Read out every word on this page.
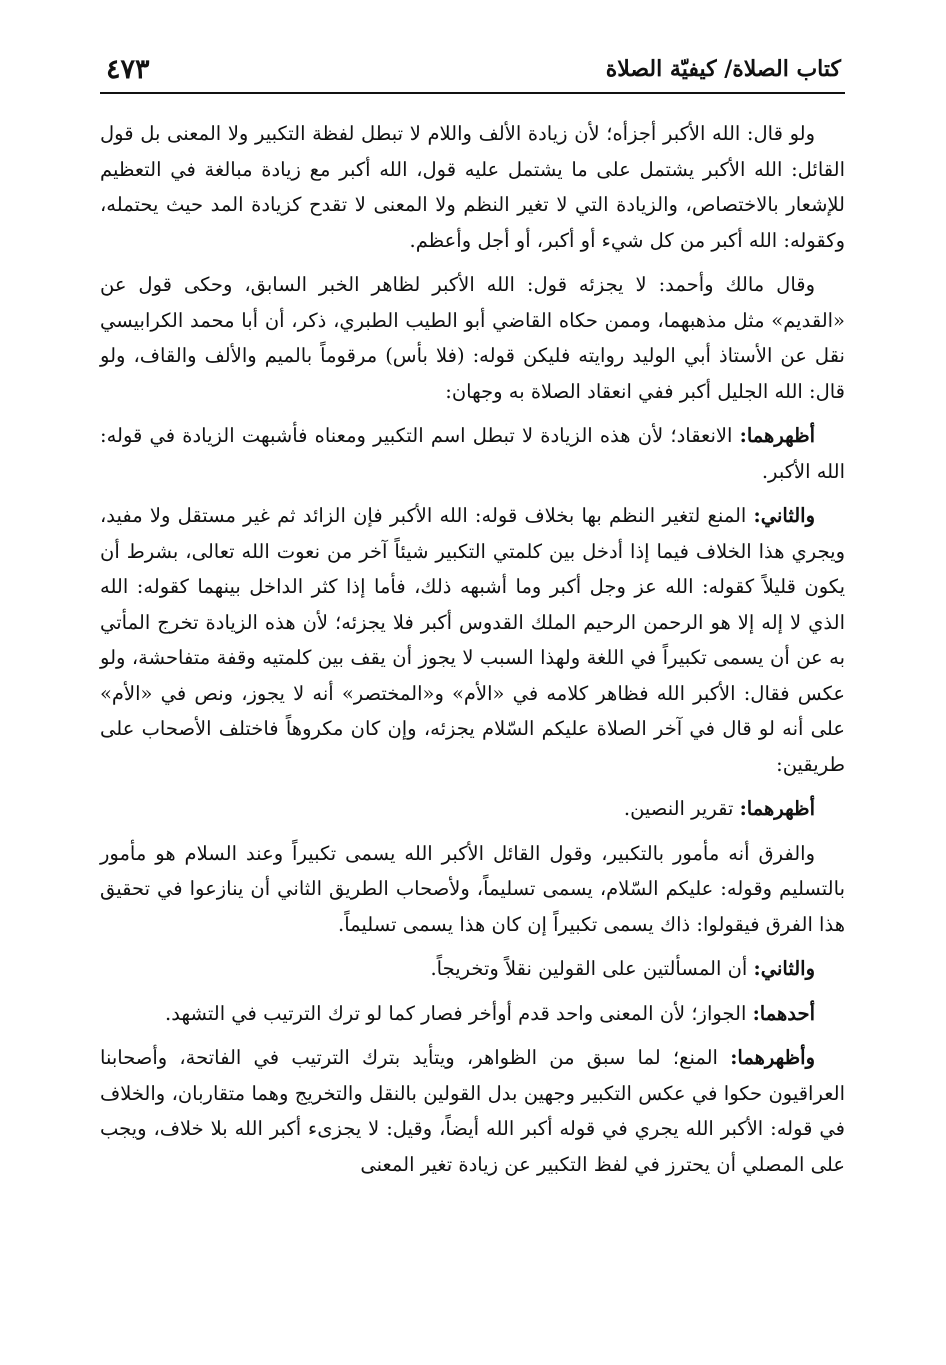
٤٧٣	كتاب الصلاة/ كيفيّة الصلاة

ولو قال: الله الأكبر أجزأه؛ لأن زيادة الألف واللام لا تبطل لفظة التكبير ولا المعنى بل قول القائل: الله الأكبر يشتمل على ما يشتمل عليه قول، الله أكبر مع زيادة مبالغة في التعظيم للإشعار بالاختصاص، والزيادة التي لا تغير النظم ولا المعنى لا تقدح كزيادة المد حيث يحتمله، وكقوله: الله أكبر من كل شيء أو أكبر، أو أجل وأعظم.

وقال مالك وأحمد: لا يجزئه قول: الله الأكبر لظاهر الخبر السابق، وحكى قول عن «القديم» مثل مذهبهما، وممن حكاه القاضي أبو الطيب الطبري، ذكر، أن أبا محمد الكرابيسي نقل عن الأستاذ أبي الوليد روايته فليكن قوله: (فلا بأس) مرقوماً بالميم والألف والقاف، ولو قال: الله الجليل أكبر ففي انعقاد الصلاة به وجهان:

أظهرهما: الانعقاد؛ لأن هذه الزيادة لا تبطل اسم التكبير ومعناه فأشبهت الزيادة في قوله: الله الأكبر.

والثاني: المنع لتغير النظم بها بخلاف قوله: الله الأكبر فإن الزائد ثم غير مستقل ولا مفيد، ويجري هذا الخلاف فيما إذا أدخل بين كلمتي التكبير شيئاً آخر من نعوت الله تعالى، بشرط أن يكون قليلاً كقوله: الله عز وجل أكبر وما أشبهه ذلك، فأما إذا كثر الداخل بينهما كقوله: الله الذي لا إله إلا هو الرحمن الرحيم الملك القدوس أكبر فلا يجزئه؛ لأن هذه الزيادة تخرج المأتي به عن أن يسمى تكبيراً في اللغة ولهذا السبب لا يجوز أن يقف بين كلمتيه وقفة متفاحشة، ولو عكس فقال: الأكبر الله فظاهر كلامه في «الأم» و«المختصر» أنه لا يجوز، ونص في «الأم» على أنه لو قال في آخر الصلاة عليكم السّلام يجزئه، وإن كان مكروهاً فاختلف الأصحاب على طريقين:

أظهرهما: تقرير النصين.

والفرق أنه مأمور بالتكبير، وقول القائل الأكبر الله يسمى تكبيراً وعند السلام هو مأمور بالتسليم وقوله: عليكم السّلام، يسمى تسليماً، ولأصحاب الطريق الثاني أن ينازعوا في تحقيق هذا الفرق فيقولوا: ذاك يسمى تكبيراً إن كان هذا يسمى تسليماً.

والثاني: أن المسألتين على القولين نقلاً وتخريجاً.

أحدهما: الجواز؛ لأن المعنى واحد قدم أوأخر فصار كما لو ترك الترتيب في التشهد.

وأظهرهما: المنع؛ لما سبق من الظواهر، ويتأيد بترك الترتيب في الفاتحة، وأصحابنا العراقيون حكوا في عكس التكبير وجهين بدل القولين بالنقل والتخريج وهما متقاربان، والخلاف في قوله: الأكبر الله يجري في قوله أكبر الله أيضاً، وقيل: لا يجزىء أكبر الله بلا خلاف، ويجب على المصلي أن يحترز في لفظ التكبير عن زيادة تغير المعنى
